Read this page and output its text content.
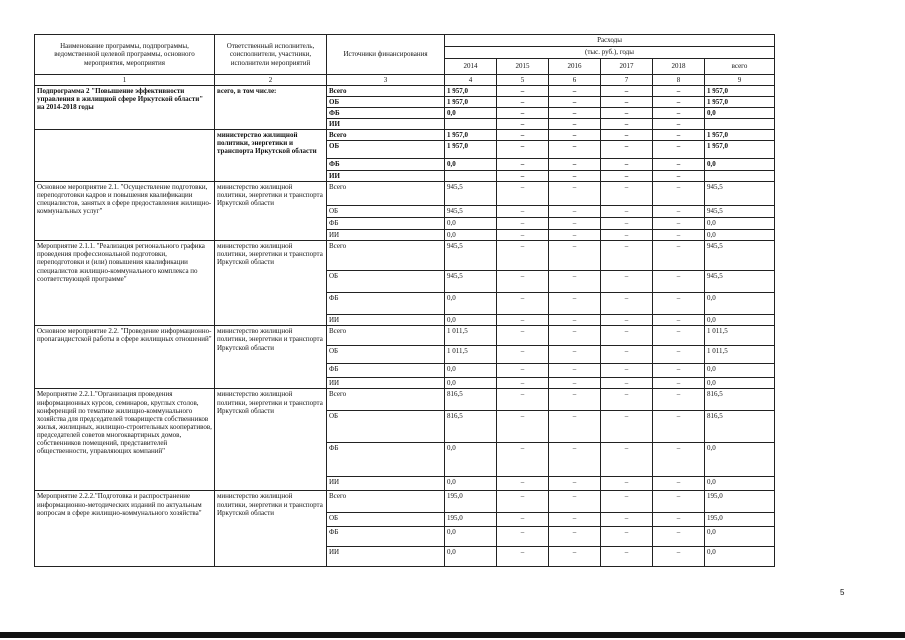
Наименование программы, подпрограммы, ведомственной целевой программы, основного мероприятия, мероприятия	Ответственный исполнитель, соисполнители, участники, исполнители мероприятий	Источники финансирования	Расходы					
			(тыс. руб.), годы					
			2014	2015	2016	2017	2018	всего
1	2	3	4	5	6	7	8	9
Подпрограмма 2 "Повышение эффективности управления в жилищной сфере Иркутской области" на 2014-2018 годы	всего, в том числе:	Всего	1 957,0	–	–	–	–	1 957,0
		ОБ	1 957,0	–	–	–	–	1 957,0
		ФБ	0,0	–	–	–	–	0,0
		ИИ		–	–	–	–	
	министерство жилищной политики, энергетики и транспорта Иркутской области	Всего	1 957,0	–	–	–	–	1 957,0
		ОБ	1 957,0	–	–	–	–	1 957,0
		ФБ	0,0	–	–	–	–	0,0
		ИИ		–	–	–	–	
Основное мероприятие 2.1. "Осуществление подготовки, переподготовки кадров и повышения квалификации специалистов, занятых в сфере предоставления жилищно-коммунальных услуг"	министерство жилищной политики, энергетики и транспорта Иркутской области	Всего	945,5	–	–	–	–	945,5
		ОБ	945,5	–	–	–	–	945,5
		ФБ	0,0	–	–	–	–	0,0
		ИИ	0,0	–	–	–	–	0,0
Мероприятие 2.1.1. "Реализация регионального графика проведения профессиональной подготовки, переподготовки и (или) повышения квалификации специалистов жилищно-коммунального комплекса по соответствующей программе"	министерство жилищной политики, энергетики и транспорта Иркутской области	Всего	945,5	–	–	–	–	945,5
		ОБ	945,5	–	–	–	–	945,5
		ФБ	0,0	–	–	–	–	0,0
		ИИ	0,0	–	–	–	–	0,0
Основное мероприятие 2.2. "Проведение информационно-пропагандистской работы в сфере жилищных отношений"	министерство жилищной политики, энергетики и транспорта Иркутской области	Всего	1 011,5	–	–	–	–	1 011,5
		ОБ	1 011,5	–	–	–	–	1 011,5
		ФБ	0,0	–	–	–	–	0,0
		ИИ	0,0	–	–	–	–	0,0
Мероприятие 2.2.1."Организация проведения информационных курсов, семинаров, круглых столов, конференций по тематике жилищно-коммунального хозяйства для председателей товариществ собственников жилья, жилищных, жилищно-строительных кооперативов, председателей советов многоквартирных домов, собственников помещений, представителей общественности, управляющих компаний"	министерство жилищной политики, энергетики и транспорта Иркутской области	Всего	816,5	–	–	–	–	816,5
		ОБ	816,5	–	–	–	–	816,5
		ФБ	0,0	–	–	–	–	0,0
		ИИ	0,0	–	–	–	–	0,0
Мероприятие 2.2.2."Подготовка и распространение информационно-методических изданий по актуальным вопросам в сфере жилищно-коммунального хозяйства"	министерство жилищной политики, энергетики и транспорта Иркутской области	Всего	195,0	–	–	–	–	195,0
		ОБ	195,0	–	–	–	–	195,0
		ФБ	0,0	–	–	–	–	0,0
		ИИ	0,0	–	–	–	–	0,0
5
